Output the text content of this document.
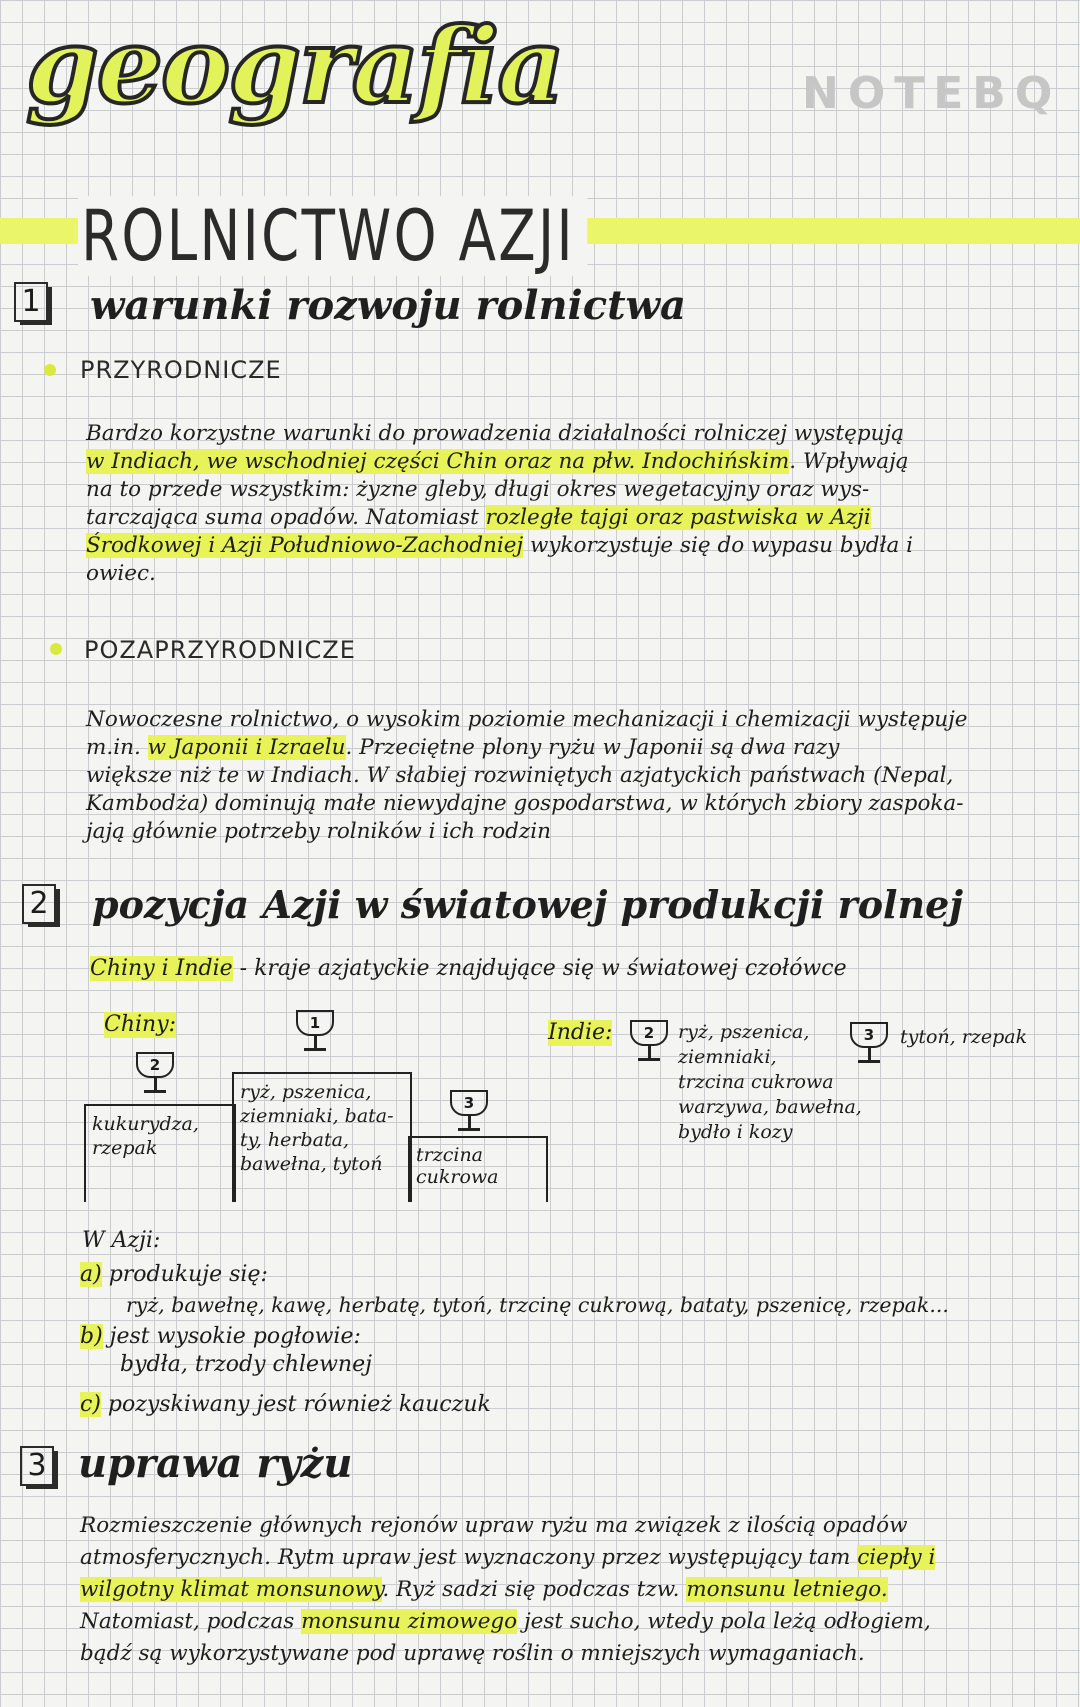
geografia	NOTEBQ
ROLNICTWO AZJI
1 warunki rozwoju rolnictwa
PRZYRODNICZE
Bardzo korzystne warunki do prowadzenia działalności rolniczej występują
w Indiach, we wschodniej części Chin oraz na płw. Indochińskim. Wpływają
na to przede wszystkim: żyzne gleby, długi okres wegetacyjny oraz wys-
tarczająca suma opadów. Natomiast rozległe tajgi oraz pastwiska w Azji
Środkowej i Azji Południowo-Zachodniej wykorzystuje się do wypasu bydła i
owiec.
POZAPRZYRODNICZE
Nowoczesne rolnictwo, o wysokim poziomie mechanizacji i chemizacji występuje
m.in. w Japonii i Izraelu. Przeciętne plony ryżu w Japonii są dwa razy
większe niż te w Indiach. W słabiej rozwiniętych azjatyckich państwach (Nepal,
Kambodża) dominują małe niewydajne gospodarstwa, w których zbiory zaspoka-
jają głównie potrzeby rolników i ich rodzin
2 pozycja Azji w światowej produkcji rolnej
Chiny i Indie - kraje azjatyckie znajdujące się w światowej czołówce
Chiny:	1
2
3
ryż, pszenica,
ziemniaki, bata-
ty, herbata,
bawełna, tytoń
kukurydza,
rzepak	trzcina
cukrowa
Indie:	2	ryż, pszenica,
ziemniaki,
trzcina cukrowa
warzywa, bawełna,
bydło i kozy
3	tytoń, rzepak
W Azji:
a) produkuje się:
ryż, bawełnę, kawę, herbatę, tytoń, trzcinę cukrową, bataty, pszenicę, rzepak...
b) jest wysokie pogłowie:
bydła, trzody chlewnej
c) pozyskiwany jest również kauczuk
3 uprawa ryżu
Rozmieszczenie głównych rejonów upraw ryżu ma związek z ilością opadów
atmosferycznych. Rytm upraw jest wyznaczony przez występujący tam ciepły i
wilgotny klimat monsunowy. Ryż sadzi się podczas tzw. monsunu letniego.
Natomiast, podczas monsunu zimowego jest sucho, wtedy pola leżą odłogiem,
bądź są wykorzystywane pod uprawę roślin o mniejszych wymaganiach.
